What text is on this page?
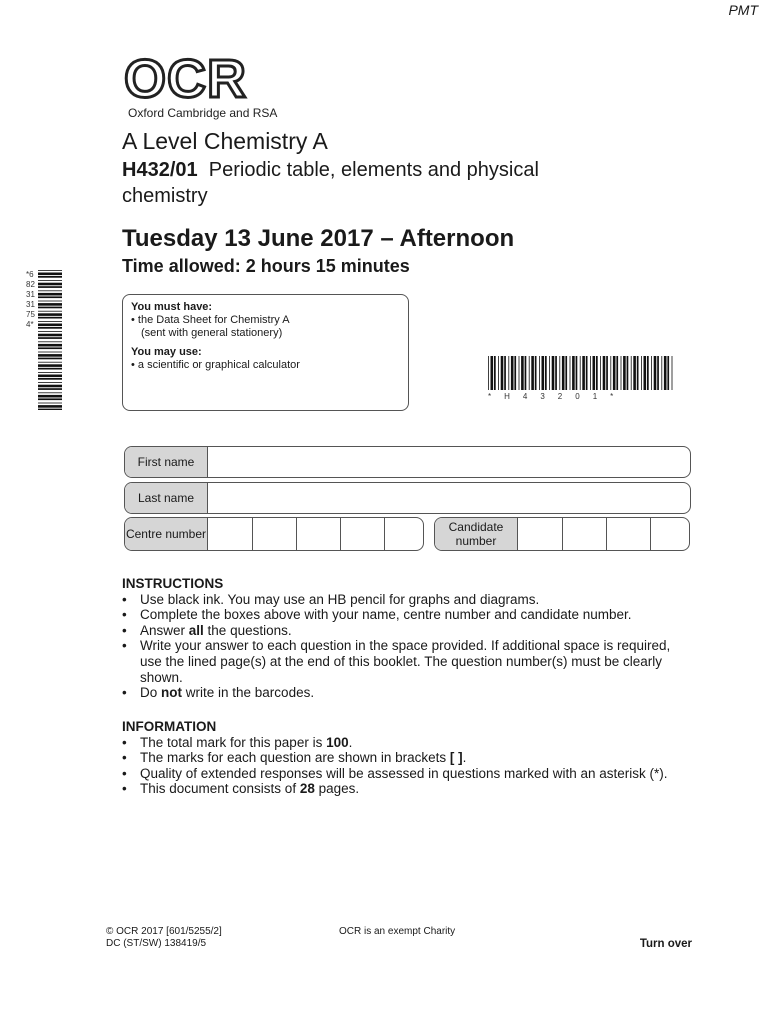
PMT
OCR
Oxford Cambridge and RSA
A Level Chemistry A
H432/01 Periodic table, elements and physical chemistry
Tuesday 13 June 2017 – Afternoon
Time allowed: 2 hours 15 minutes
*6823131754*
You must have:
• the Data Sheet for Chemistry A
(sent with general stationery)
You may use:
• a scientific or graphical calculator
*H43201*
First name
Last name
Centre number	Candidate number
INSTRUCTIONS
• Use black ink. You may use an HB pencil for graphs and diagrams.
• Complete the boxes above with your name, centre number and candidate number.
• Answer all the questions.
• Write your answer to each question in the space provided. If additional space is required, use the lined page(s) at the end of this booklet. The question number(s) must be clearly shown.
• Do not write in the barcodes.
INFORMATION
• The total mark for this paper is 100.
• The marks for each question are shown in brackets [ ].
• Quality of extended responses will be assessed in questions marked with an asterisk (*).
• This document consists of 28 pages.
© OCR 2017 [601/5255/2]
DC (ST/SW) 138419/5
OCR is an exempt Charity
Turn over
